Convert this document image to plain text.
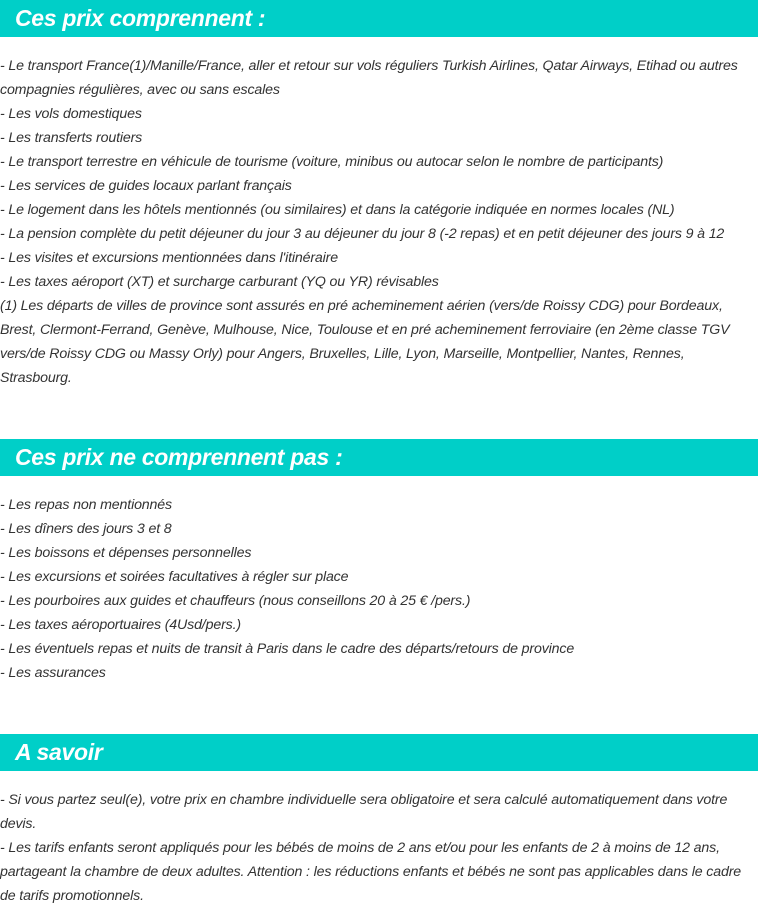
Ces prix comprennent :

- Le transport France(1)/Manille/France, aller et retour sur vols réguliers Turkish Airlines, Qatar Airways, Etihad ou autres compagnies régulières, avec ou sans escales

- Les vols domestiques

- Les transferts routiers

- Le transport terrestre en véhicule de tourisme (voiture, minibus ou autocar selon le nombre de participants)

- Les services de guides locaux parlant français

- Le logement dans les hôtels mentionnés (ou similaires) et dans la catégorie indiquée en normes locales (NL)

- La pension complète du petit déjeuner du jour 3 au déjeuner du jour 8 (-2 repas) et en petit déjeuner des jours 9 à 12

- Les visites et excursions mentionnées dans l'itinéraire

- Les taxes aéroport (XT) et surcharge carburant (YQ ou YR) révisables

(1) Les départs de villes de province sont assurés en pré acheminement aérien (vers/de Roissy CDG) pour Bordeaux, Brest, Clermont-Ferrand, Genève, Mulhouse, Nice, Toulouse et en pré acheminement ferroviaire (en 2ème classe TGV vers/de Roissy CDG ou Massy Orly) pour Angers, Bruxelles, Lille, Lyon, Marseille, Montpellier, Nantes, Rennes, Strasbourg.

Ces prix ne comprennent pas :

- Les repas non mentionnés

- Les dîners des jours 3 et 8

- Les boissons et dépenses personnelles

- Les excursions et soirées facultatives à régler sur place

- Les pourboires aux guides et chauffeurs (nous conseillons 20 à 25 € /pers.)

- Les taxes aéroportuaires (4Usd/pers.)

- Les éventuels repas et nuits de transit à Paris dans le cadre des départs/retours de province

- Les assurances

A savoir

- Si vous partez seul(e), votre prix en chambre individuelle sera obligatoire et sera calculé automatiquement dans votre devis.

- Les tarifs enfants seront appliqués pour les bébés de moins de 2 ans et/ou pour les enfants de 2 à moins de 12 ans, partageant la chambre de deux adultes. Attention : les réductions enfants et bébés ne sont pas applicables dans le cadre de tarifs promotionnels.
